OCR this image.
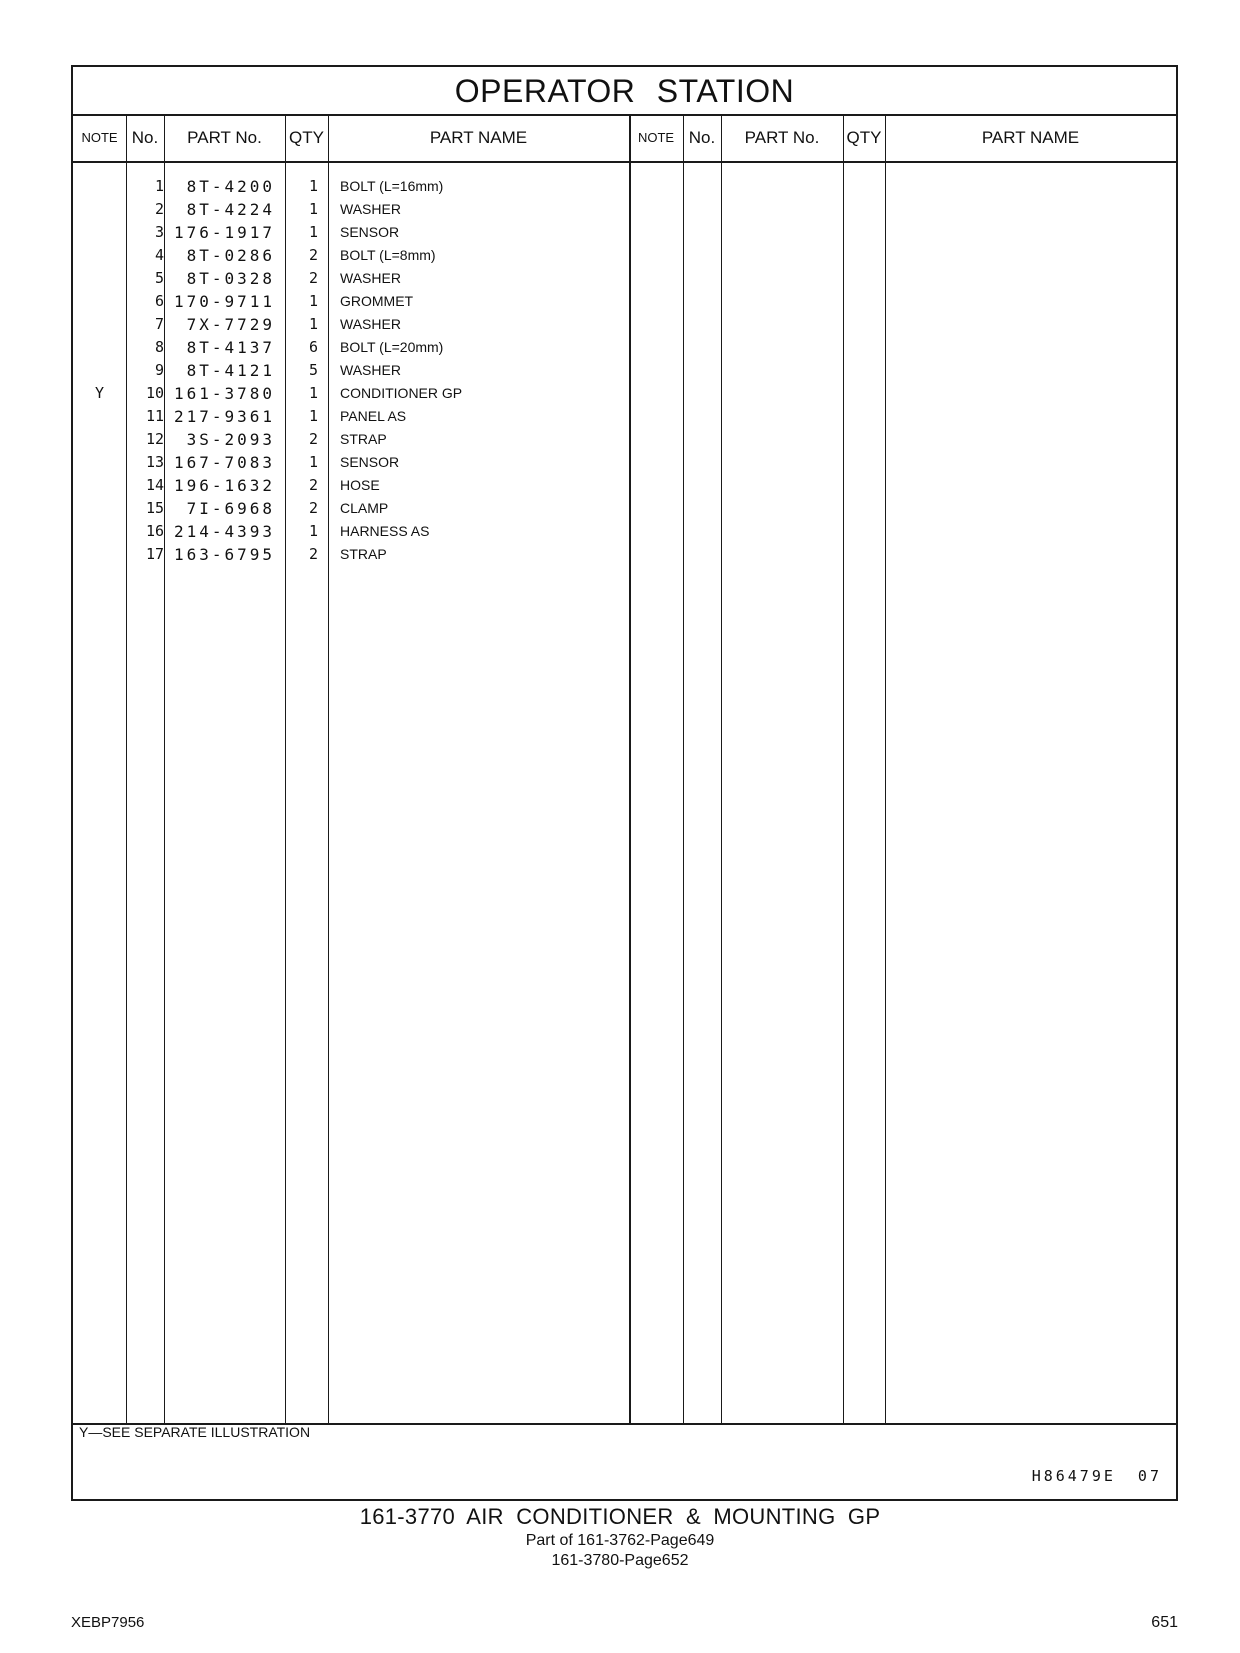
OPERATOR STATION
NOTE No.	PART No.	QTY	PART NAME	NOTE No.	PART No.	QTY	PART NAME
1	8T-4200	1 BOLT (L=16mm)
2	8T-4224	1 WASHER
3 176-1917	1 SENSOR
4	8T-0286	2 BOLT (L=8mm)
5	8T-0328	2 WASHER
6 170-9711	1 GROMMET
7	7X-7729	1 WASHER
8	8T-4137	6 BOLT (L=20mm)
9	8T-4121	5 WASHER
Y	10 161-3780	1 CONDITIONER GP
11 217-9361	1 PANEL AS
12	3S-2093	2 STRAP
13 167-7083	1 SENSOR
14 196-1632	2 HOSE
15	7I-6968	2 CLAMP
16 214-4393	1 HARNESS AS
17 163-6795	2 STRAP
Y—SEE SEPARATE ILLUSTRATION
H86479E 07
161-3770 AIR CONDITIONER & MOUNTING GP
Part of 161-3762-Page649
161-3780-Page652
XEBP7956	651
